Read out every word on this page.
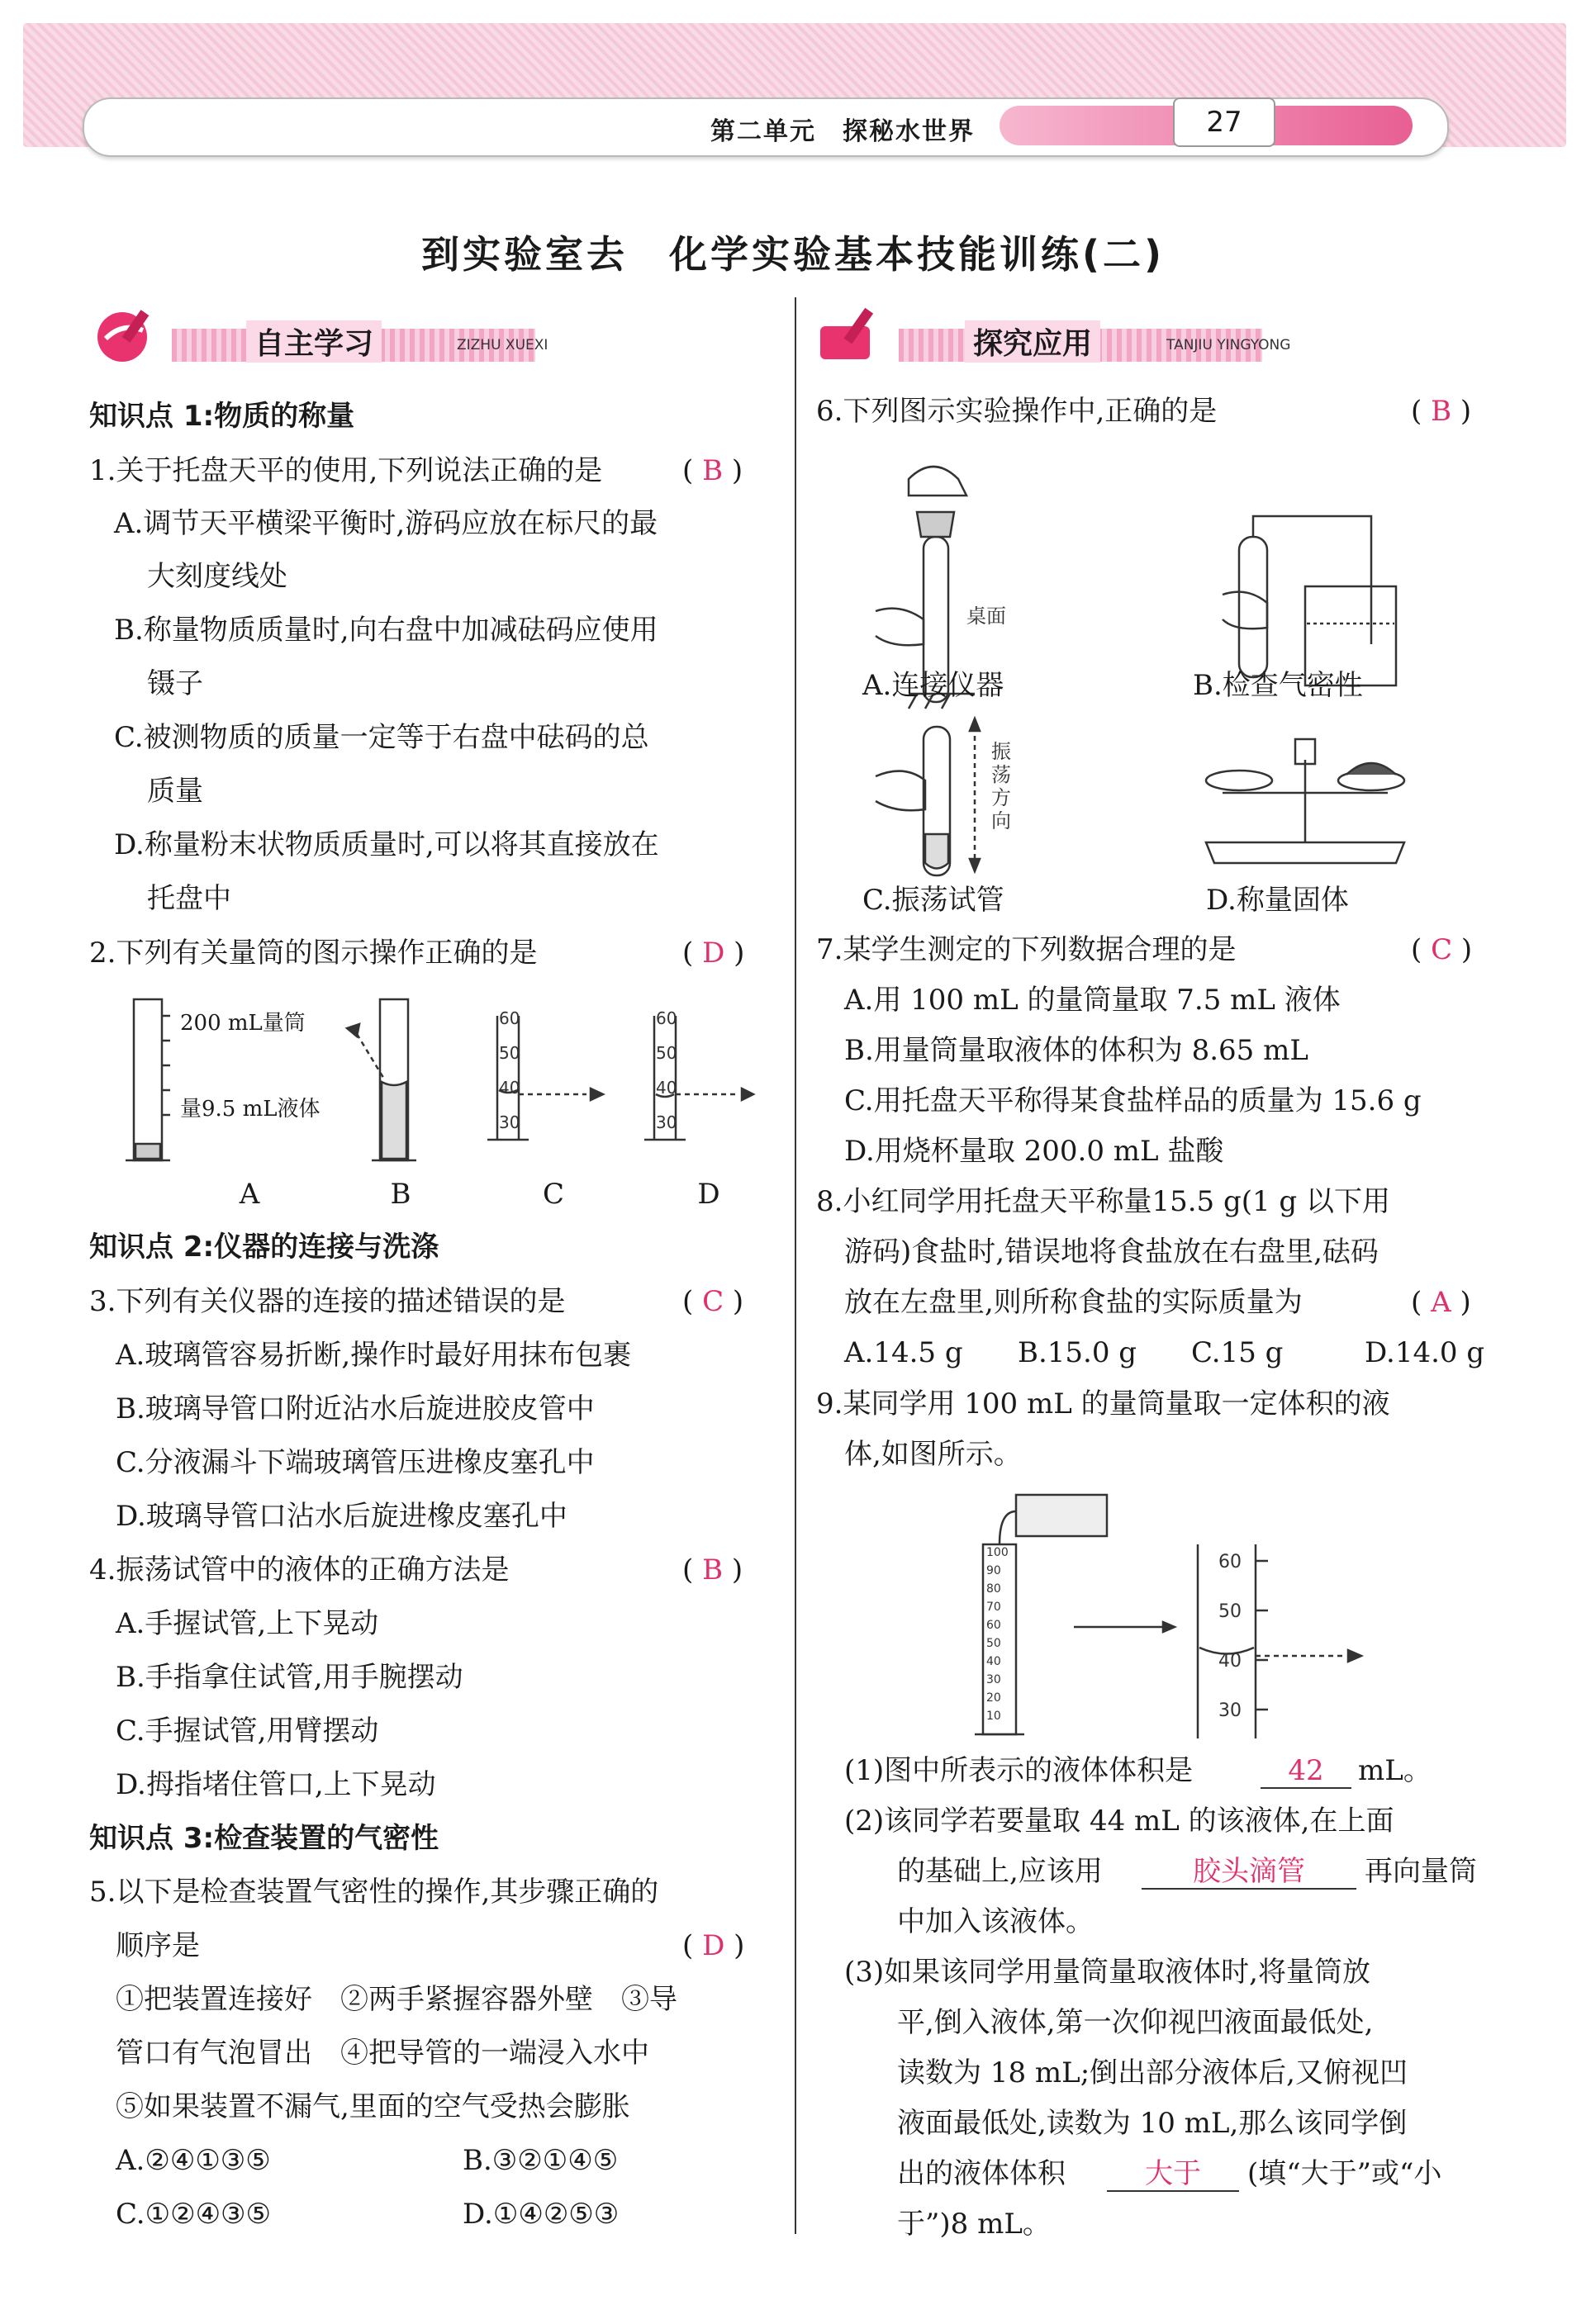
第二单元　探秘水世界	27
到实验室去　化学实验基本技能训练(二)
自主学习	ZIZHU XUEXI	探究应用	TANJIU YINGYONG
知识点 1:物质的称量
1.关于托盘天平的使用,下列说法正确的是	( B )
A.调节天平横梁平衡时,游码应放在标尺的最
大刻度线处
B.称量物质质量时,向右盘中加减砝码应使用
镊子
C.被测物质的质量一定等于右盘中砝码的总
质量
D.称量粉末状物质质量时,可以将其直接放在
托盘中
2.下列有关量筒的图示操作正确的是	( D )
60
50
40
30
60
50
40
30
200 mL量筒
量9.5 mL液体
A	B	C	D
知识点 2:仪器的连接与洗涤
3.下列有关仪器的连接的描述错误的是	( C )
A.玻璃管容易折断,操作时最好用抹布包裹
B.玻璃导管口附近沾水后旋进胶皮管中
C.分液漏斗下端玻璃管压进橡皮塞孔中
D.玻璃导管口沾水后旋进橡皮塞孔中
4.振荡试管中的液体的正确方法是	( B )
A.手握试管,上下晃动
B.手指拿住试管,用手腕摆动
C.手握试管,用臂摆动
D.拇指堵住管口,上下晃动
知识点 3:检查装置的气密性
5.以下是检查装置气密性的操作,其步骤正确的
顺序是	( D )
①把装置连接好　②两手紧握容器外壁　③导
管口有气泡冒出　④把导管的一端浸入水中
⑤如果装置不漏气,里面的空气受热会膨胀
A.②④①③⑤	B.③②①④⑤
C.①②④③⑤	D.①④②⑤③
6.下列图示实验操作中,正确的是	( B )
桌面
振
荡
方
向
A.连接仪器	B.检查气密性
C.振荡试管	D.称量固体
7.某学生测定的下列数据合理的是	( C )
A.用 100 mL 的量筒量取 7.5 mL 液体
B.用量筒量取液体的体积为 8.65 mL
C.用托盘天平称得某食盐样品的质量为 15.6 g
D.用烧杯量取 200.0 mL 盐酸
8.小红同学用托盘天平称量15.5 g(1 g 以下用
游码)食盐时,错误地将食盐放在右盘里,砝码
放在左盘里,则所称食盐的实际质量为	( A )
A.14.5 g B.15.0 g C.15 g	D.14.0 g
9.某同学用 100 mL 的量筒量取一定体积的液
体,如图所示。
100
90
80
70
60
50
40
30
20
10
60
50
40
30
(1)图中所表示的液体体积是	42	mL。
(2)该同学若要量取 44 mL 的该液体,在上面
的基础上,应该用	胶头滴管	再向量筒
中加入该液体。
(3)如果该同学用量筒量取液体时,将量筒放
平,倒入液体,第一次仰视凹液面最低处,
读数为 18 mL;倒出部分液体后,又俯视凹
液面最低处,读数为 10 mL,那么该同学倒
出的液体体积	大于	(填“大于”或“小
于”)8 mL。
